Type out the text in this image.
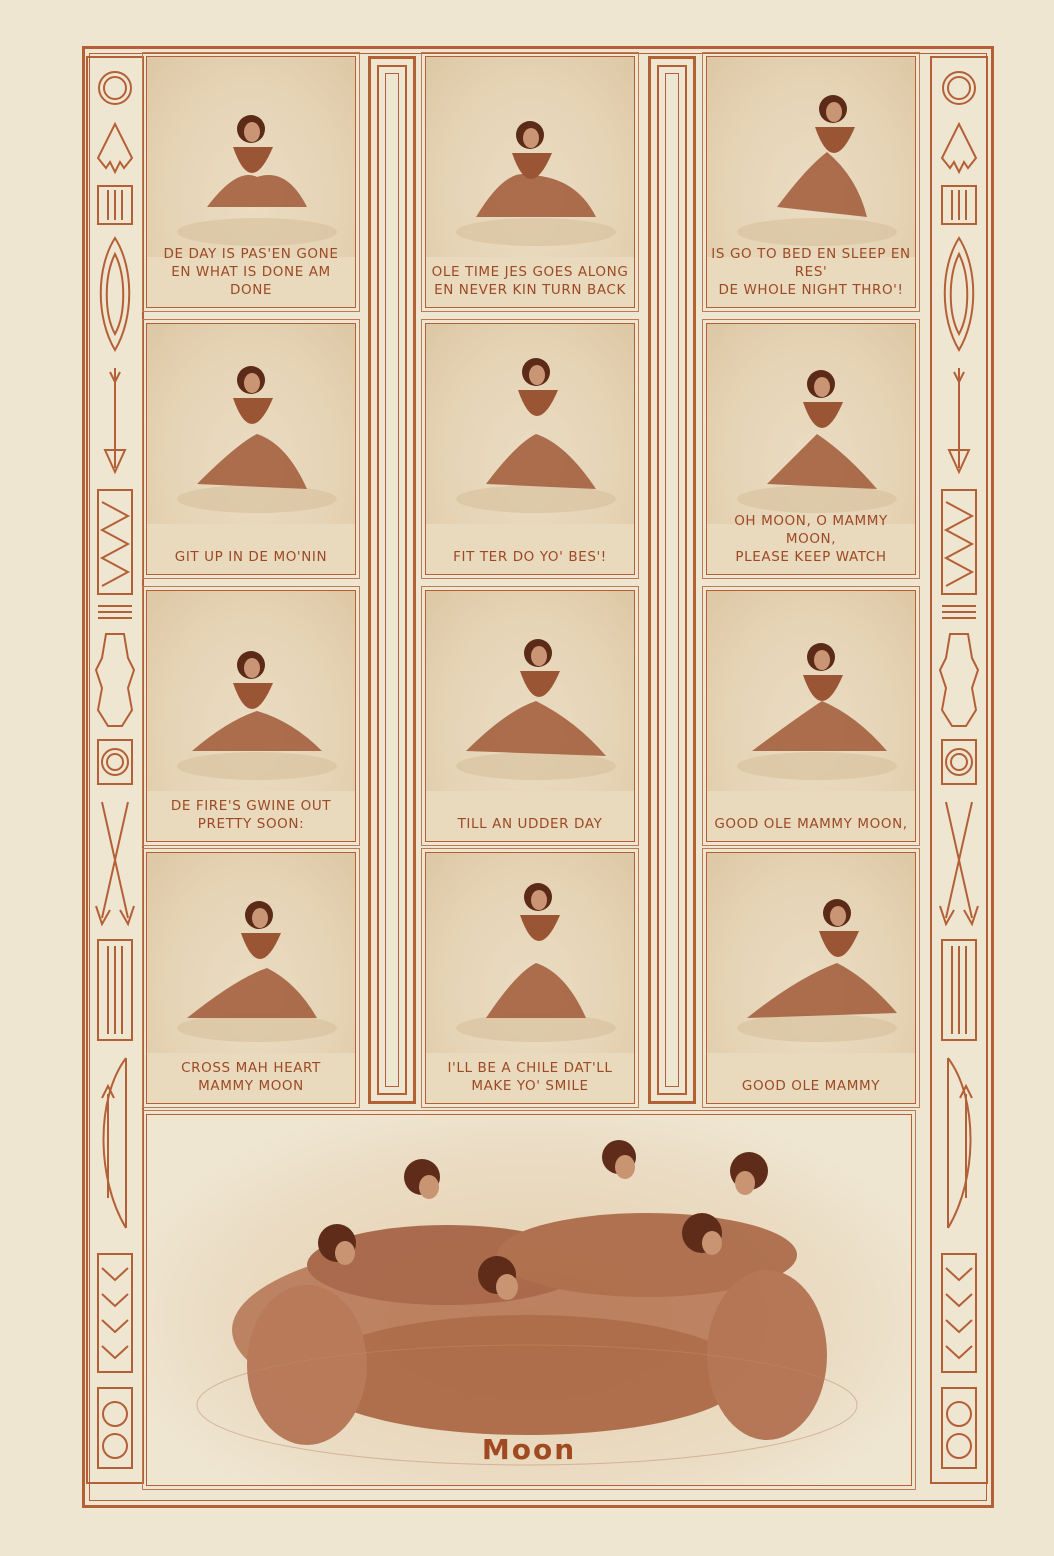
DE DAY IS PAS'EN GONE
EN WHAT IS DONE AM DONE
OLE TIME JES GOES ALONG
EN NEVER KIN TURN BACK
IS GO TO BED EN SLEEP EN RES'
DE WHOLE NIGHT THRO'!
GIT UP IN DE MO'NIN	FIT TER DO YO' BES'!
OH MOON, O MAMMY MOON,
PLEASE KEEP WATCH
DE FIRE'S GWINE OUT
PRETTY SOON:	TILL AN UDDER DAY	GOOD OLE MAMMY MOON,
CROSS MAH HEART
MAMMY MOON
I'LL BE A CHILE DAT'LL
MAKE YO' SMILE	GOOD OLE MAMMY
Moon
